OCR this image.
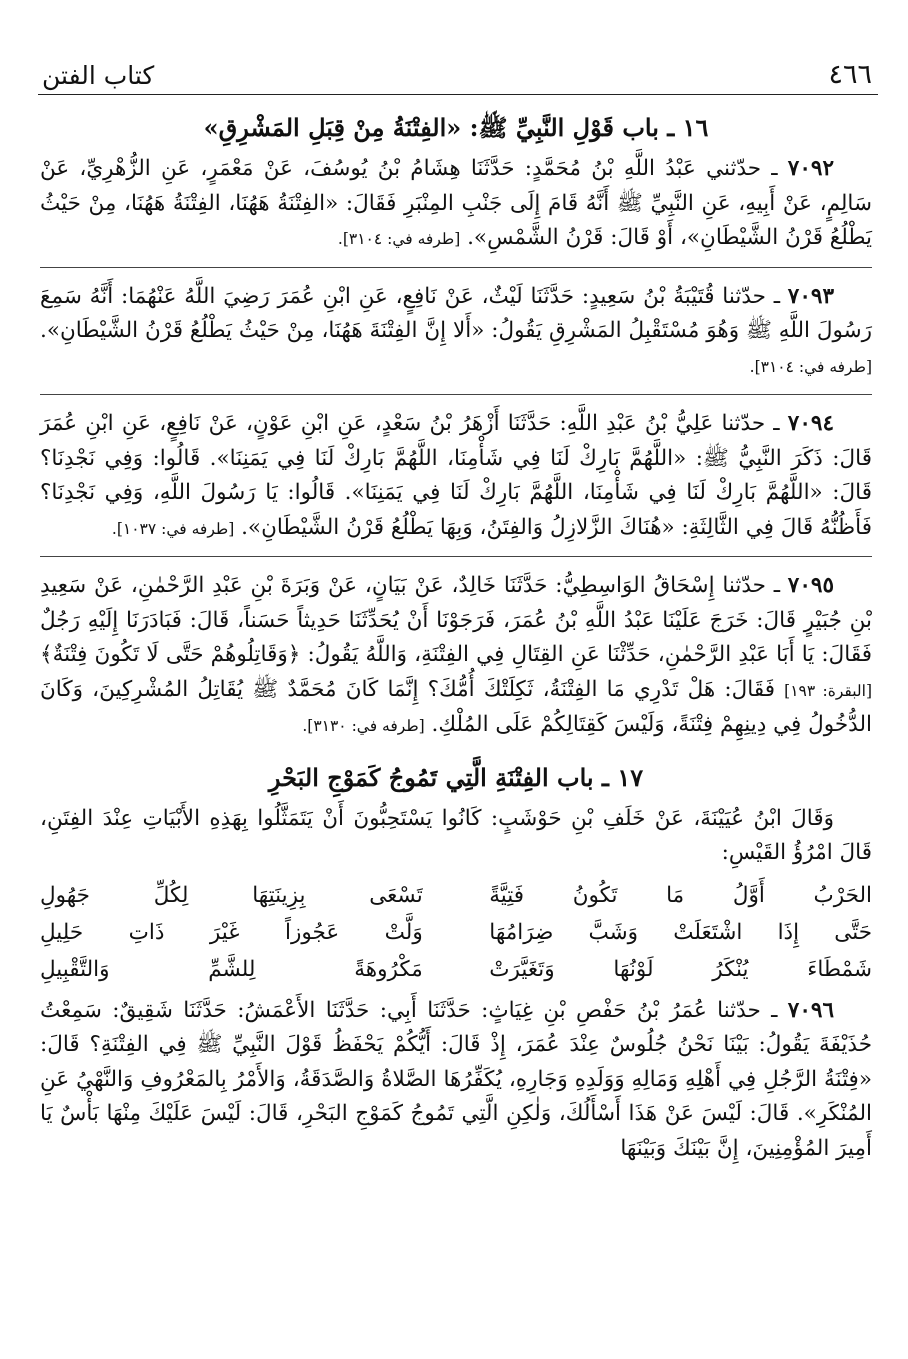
كتاب الفتن	٤٦٦
١٦ ـ باب قَوْلِ النَّبِيِّ ﷺ: «الفِتْنَةُ مِنْ قِبَلِ المَشْرِقِ»

٧٠٩٢ ـ حدّثني عَبْدُ اللَّهِ بْنُ مُحَمَّدٍ: حَدَّثَنَا هِشَامُ بْنُ يُوسُفَ، عَنْ مَعْمَرٍ، عَنِ الزُّهْرِيِّ، عَنْ سَالِمٍ، عَنْ أَبِيهِ، عَنِ النَّبِيِّ ﷺ أَنَّهُ قَامَ إِلَى جَنْبِ المِنْبَرِ فَقَالَ: «الفِتْنَةُ هَهُنَا، الفِتْنَةُ هَهُنَا، مِنْ حَيْثُ يَطْلُعُ قَرْنُ الشَّيْطَانِ»، أَوْ قَالَ: قَرْنُ الشَّمْسِ». [طرفه في: ٣١٠٤].

٧٠٩٣ ـ حدّثنا قُتَيْبَةُ بْنُ سَعِيدٍ: حَدَّثَنَا لَيْثٌ، عَنْ نَافِعٍ، عَنِ ابْنِ عُمَرَ رَضِيَ اللَّهُ عَنْهُمَا: أَنَّهُ سَمِعَ رَسُولَ اللَّهِ ﷺ وَهُوَ مُسْتَقْبِلُ المَشْرِقِ يَقُولُ: «أَلا إِنَّ الفِتْنَةَ هَهُنَا، مِنْ حَيْثُ يَطْلُعُ قَرْنُ الشَّيْطَانِ». [طرفه في: ٣١٠٤].

٧٠٩٤ ـ حدّثنا عَلِيُّ بْنُ عَبْدِ اللَّهِ: حَدَّثَنَا أَزْهَرُ بْنُ سَعْدٍ، عَنِ ابْنِ عَوْنٍ، عَنْ نَافِعٍ، عَنِ ابْنِ عُمَرَ قَالَ: ذَكَرَ النَّبِيُّ ﷺ: «اللَّهُمَّ بَارِكْ لَنَا فِي شَأْمِنَا، اللَّهُمَّ بَارِكْ لَنَا فِي يَمَنِنَا». قَالُوا: وَفِي نَجْدِنَا؟ قَالَ: «اللَّهُمَّ بَارِكْ لَنَا فِي شَأْمِنَا، اللَّهُمَّ بَارِكْ لَنَا فِي يَمَنِنَا». قَالُوا: يَا رَسُولَ اللَّهِ، وَفِي نَجْدِنَا؟ فَأَظُنُّهُ قَالَ فِي الثَّالِثَةِ: «هُنَاكَ الزَّلازِلُ وَالفِتَنُ، وَبِهَا يَطْلُعُ قَرْنُ الشَّيْطَانِ». [طرفه في: ١٠٣٧].

٧٠٩٥ ـ حدّثنا إِسْحَاقُ الوَاسِطِيُّ: حَدَّثَنَا خَالِدٌ، عَنْ بَيَانٍ، عَنْ وَبَرَةَ بْنِ عَبْدِ الرَّحْمٰنِ، عَنْ سَعِيدِ بْنِ جُبَيْرٍ قَالَ: خَرَجَ عَلَيْنَا عَبْدُ اللَّهِ بْنُ عُمَرَ، فَرَجَوْنَا أَنْ يُحَدِّثَنَا حَدِيثاً حَسَناً، قَالَ: فَبَادَرَنَا إِلَيْهِ رَجُلٌ فَقَالَ: يَا أَبَا عَبْدِ الرَّحْمٰنِ، حَدِّثْنَا عَنِ القِتَالِ فِي الفِتْنَةِ، وَاللَّهُ يَقُولُ: ﴿وَقَاتِلُوهُمْ حَتَّى لَا تَكُونَ فِتْنَةٌ﴾ [البقرة: ١٩٣] فَقَالَ: هَلْ تَدْرِي مَا الفِتْنَةُ، ثَكِلَتْكَ أُمُّكَ؟ إِنَّمَا كَانَ مُحَمَّدٌ ﷺ يُقَاتِلُ المُشْرِكِينَ، وَكَانَ الدُّخُولُ فِي دِينِهِمْ فِتْنَةً، وَلَيْسَ كَقِتَالِكُمْ عَلَى المُلْكِ. [طرفه في: ٣١٣٠].

١٧ ـ باب الفِتْنَةِ الَّتِي تَمُوجُ كَمَوْجِ البَحْرِ

وَقَالَ ابْنُ عُيَيْنَةَ، عَنْ خَلَفِ بْنِ حَوْشَبٍ: كَانُوا يَسْتَحِبُّونَ أَنْ يَتَمَثَّلُوا بِهَذِهِ الأَبْيَاتِ عِنْدَ الفِتَنِ، قَالَ امْرُؤُ القَيْسِ:

الحَرْبُ أَوَّلُ مَا تَكُونُ فَتِيَّةً
تَسْعَى بِزِينَتِهَا لِكُلِّ جَهُولِ
حَتَّى إِذَا اشْتَعَلَتْ وَشَبَّ ضِرَامُهَا
وَلَّتْ عَجُوزاً غَيْرَ ذَاتِ حَلِيلِ
شَمْطَاءَ يُنْكَرُ لَوْنُهَا وَتَغَيَّرَتْ
مَكْرُوهَةً لِلشَّمِّ وَالتَّقْبِيلِ

٧٠٩٦ ـ حدّثنا عُمَرُ بْنُ حَفْصِ بْنِ غِيَاثٍ: حَدَّثَنَا أَبِي: حَدَّثَنَا الأَعْمَشُ: حَدَّثَنَا شَقِيقٌ: سَمِعْتُ حُذَيْفَةَ يَقُولُ: بَيْنَا نَحْنُ جُلُوسٌ عِنْدَ عُمَرَ، إِذْ قَالَ: أَيُّكُمْ يَحْفَظُ قَوْلَ النَّبِيِّ ﷺ فِي الفِتْنَةِ؟ قَالَ: «فِتْنَةُ الرَّجُلِ فِي أَهْلِهِ وَمَالِهِ وَوَلَدِهِ وَجَارِهِ، يُكَفِّرُهَا الصَّلاةُ وَالصَّدَقَةُ، وَالأَمْرُ بِالمَعْرُوفِ وَالنَّهْيُ عَنِ المُنْكَرِ». قَالَ: لَيْسَ عَنْ هَذَا أَسْأَلُكَ، وَلٰكِنِ الَّتِي تَمُوجُ كَمَوْجِ البَحْرِ، قَالَ: لَيْسَ عَلَيْكَ مِنْهَا بَأْسٌ يَا أَمِيرَ المُؤْمِنِينَ، إِنَّ بَيْنَكَ وَبَيْنَهَا
